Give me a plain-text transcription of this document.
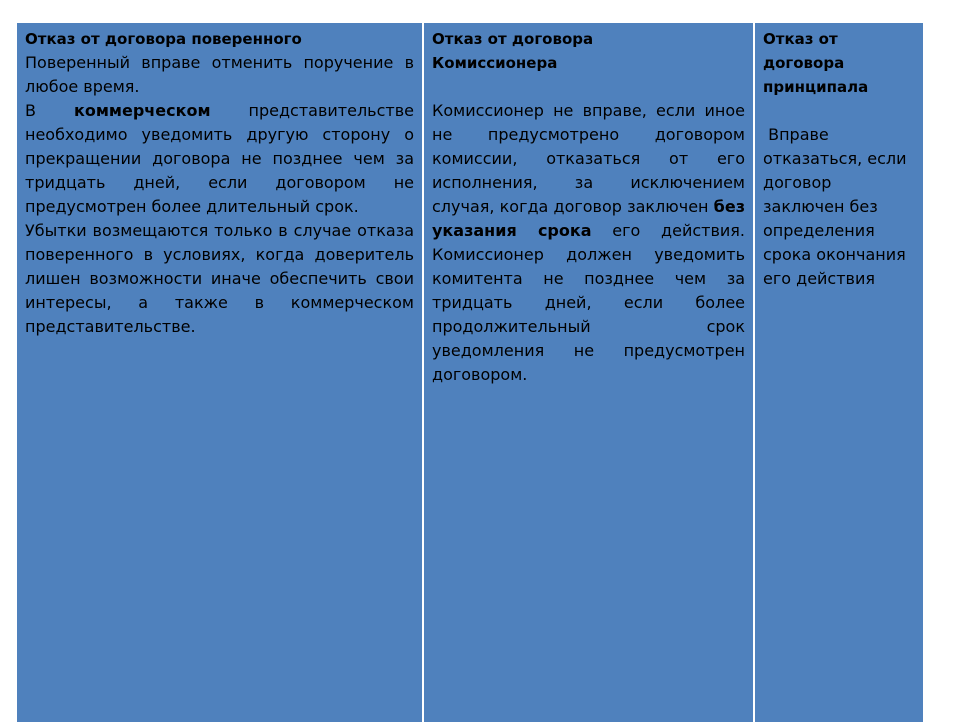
Отказ от договора поверенного

Поверенный вправе отменить поручение в любое время.

В коммерческом представительстве необходимо уведомить другую сторону о прекращении договора не позднее чем за тридцать дней, если договором не предусмотрен более длительный срок.

Убытки возмещаются только в случае отказа поверенного в условиях, когда доверитель лишен возможности иначе обеспечить свои интересы, а также в коммерческом представительстве.

Отказ от договора
Комиссионера

Комиссионер не вправе, если иное не предусмотрено договором комиссии, отказаться от его исполнения, за исключением случая, когда договор заключен без указания срока его действия. Комиссионер должен уведомить комитента не позднее чем за тридцать дней, если более продолжительный срок уведомления не предусмотрен договором.

Отказ от
договора
принципала

Вправе отказаться, если договор заключен без определения срока окончания его действия
